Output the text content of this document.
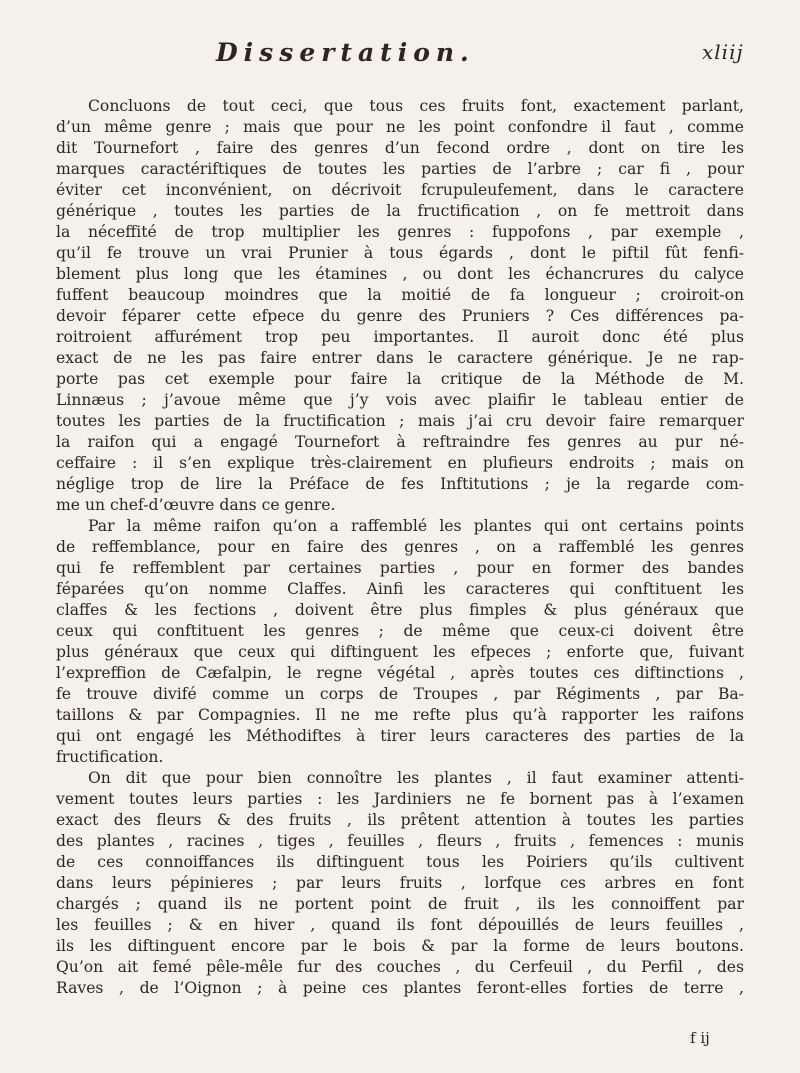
Dissertation.	xliij
Concluons de tout ceci, que tous ces fruits font, exactement parlant,
d’un même genre ; mais que pour ne les point confondre il faut , comme
dit Tournefort , faire des genres d’un fecond ordre , dont on tire les
marques caractériftiques de toutes les parties de l’arbre ; car fi , pour
éviter cet inconvénient, on décrivoit fcrupuleufement, dans le caractere
générique , toutes les parties de la fructification , on fe mettroit dans
la néceffité de trop multiplier les genres : fuppofons , par exemple ,
qu’il fe trouve un vrai Prunier à tous égards , dont le piftil fût fenfi-
blement plus long que les étamines , ou dont les échancrures du calyce
fuffent beaucoup moindres que la moitié de fa longueur ; croiroit-on
devoir féparer cette efpece du genre des Pruniers ? Ces différences pa-
roitroient affurément trop peu importantes. Il auroit donc été plus
exact de ne les pas faire entrer dans le caractere générique. Je ne rap-
porte pas cet exemple pour faire la critique de la Méthode de M.
Linnæus ; j’avoue même que j’y vois avec plaifir le tableau entier de
toutes les parties de la fructification ; mais j’ai cru devoir faire remarquer
la raifon qui a engagé Tournefort à reftraindre fes genres au pur né-
ceffaire : il s’en explique très-clairement en plufieurs endroits ; mais on
néglige trop de lire la Préface de fes Inftitutions ; je la regarde com-
me un chef-d’œuvre dans ce genre.
Par la même raifon qu’on a raffemblé les plantes qui ont certains points
de reffemblance, pour en faire des genres , on a raffemblé les genres
qui fe reffemblent par certaines parties , pour en former des bandes
féparées qu’on nomme Claffes. Ainfi les caracteres qui conftituent les
claffes & les fections , doivent être plus fimples & plus généraux que
ceux qui conftituent les genres ; de même que ceux-ci doivent être
plus généraux que ceux qui diftinguent les efpeces ; enforte que, fuivant
l’expreffion de Cæfalpin, le regne végétal , après toutes ces diftinctions ,
fe trouve divifé comme un corps de Troupes , par Régiments , par Ba-
taillons & par Compagnies. Il ne me refte plus qu’à rapporter les raifons
qui ont engagé les Méthodiftes à tirer leurs caracteres des parties de la
fructification.
On dit que pour bien connoître les plantes , il faut examiner attenti-
vement toutes leurs parties : les Jardiniers ne fe bornent pas à l’examen
exact des fleurs & des fruits , ils prêtent attention à toutes les parties
des plantes , racines , tiges , feuilles , fleurs , fruits , femences : munis
de ces connoiffances ils diftinguent tous les Poiriers qu’ils cultivent
dans leurs pépinieres ; par leurs fruits , lorfque ces arbres en font
chargés ; quand ils ne portent point de fruit , ils les connoiffent par
les feuilles ; & en hiver , quand ils font dépouillés de leurs feuilles ,
ils les diftinguent encore par le bois & par la forme de leurs boutons.
Qu’on ait femé pêle-mêle fur des couches , du Cerfeuil , du Perfil , des
Raves , de l’Oignon ; à peine ces plantes feront-elles forties de terre ,
f ij
